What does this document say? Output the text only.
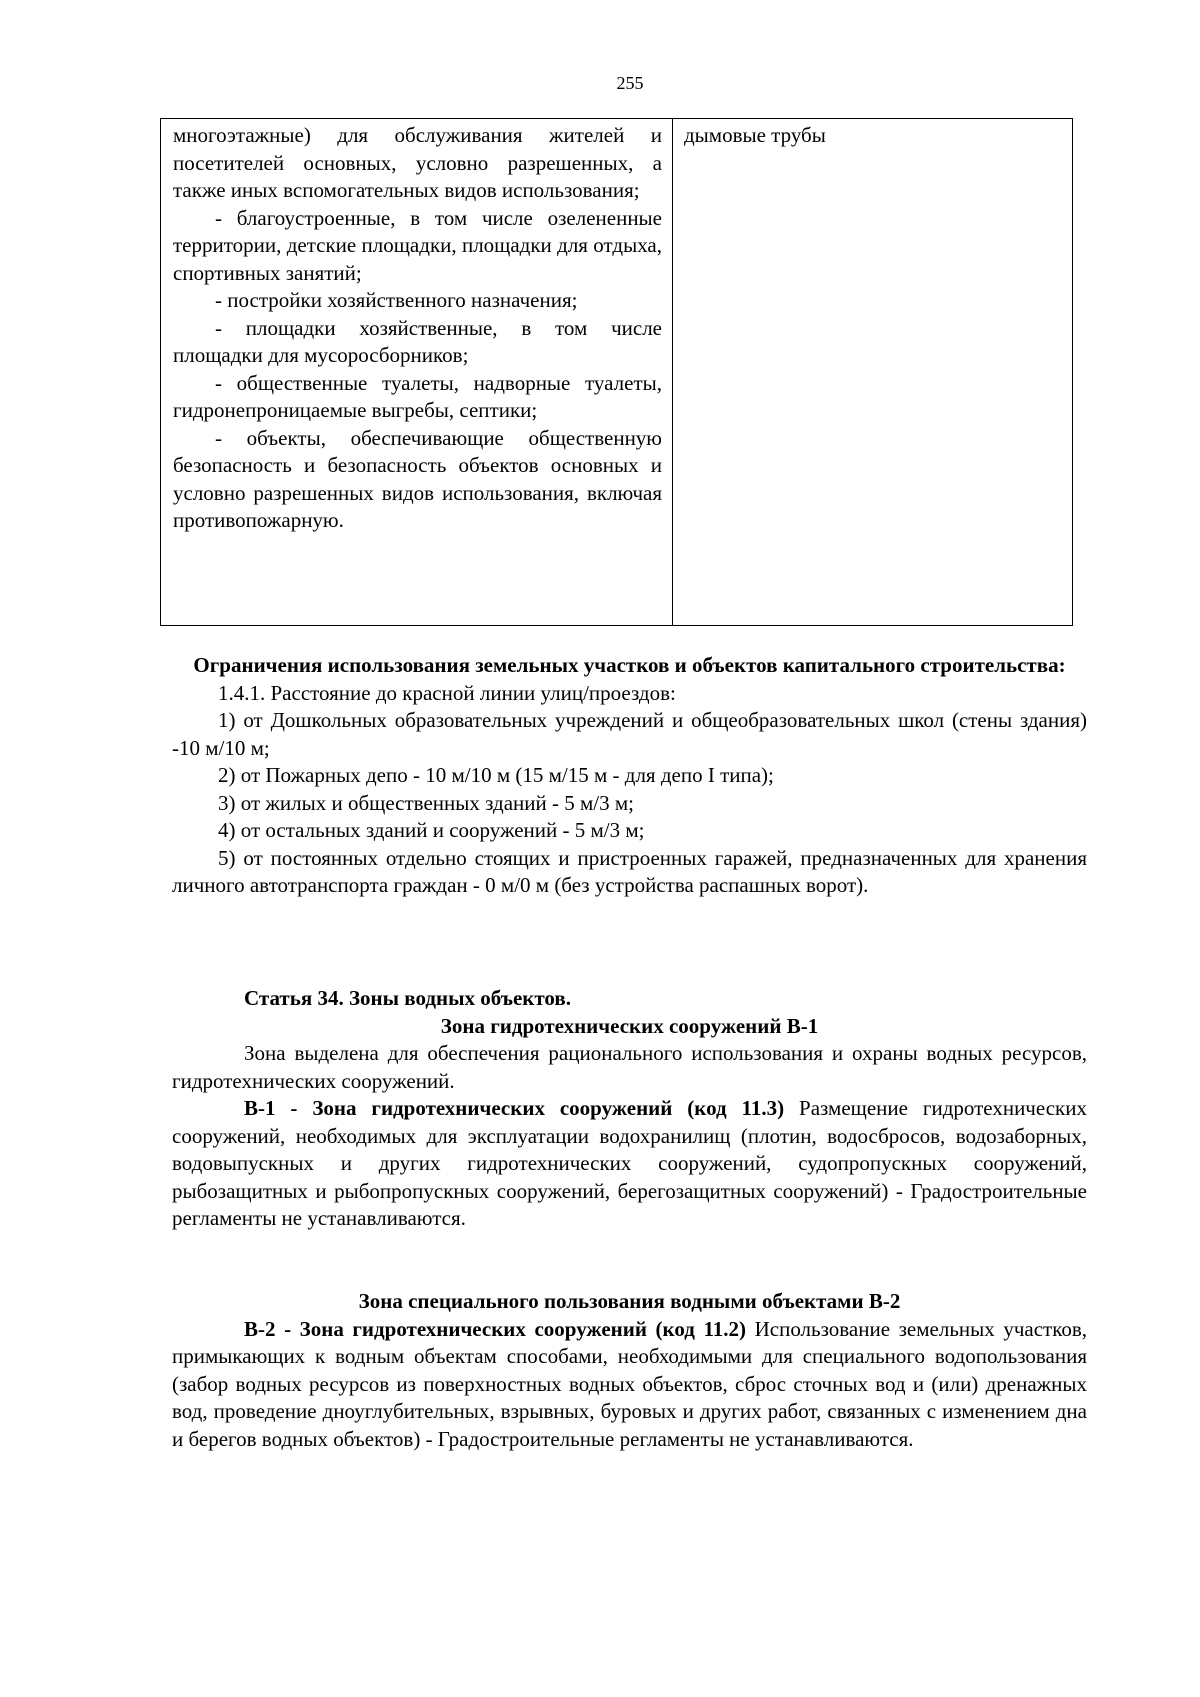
255

многоэтажные) для обслуживания жителей и посетителей основных, условно разрешенных, а также иных вспомогательных видов использования;

- благоустроенные, в том числе озелененные территории, детские площадки, площадки для отдыха, спортивных занятий;

- постройки хозяйственного назначения;

- площадки хозяйственные, в том числе площадки для мусоросборников;

- общественные туалеты, надворные туалеты, гидронепроницаемые выгребы, септики;

- объекты, обеспечивающие общественную безопасность и безопасность объектов основных и условно разрешенных видов использования, включая противопожарную.

дымовые трубы

Ограничения использования земельных участков и объектов капитального строительства:

1.4.1. Расстояние до красной линии улиц/проездов:

1) от Дошкольных образовательных учреждений и общеобразовательных школ (стены здания) -10 м/10 м;

2) от Пожарных депо - 10 м/10 м (15 м/15 м - для депо I типа);

3) от жилых и общественных зданий - 5 м/3 м;

4) от остальных зданий и сооружений - 5 м/3 м;

5) от постоянных отдельно стоящих и пристроенных гаражей, предназначенных для хранения личного автотранспорта граждан - 0 м/0 м (без устройства распашных ворот).

Статья 34. Зоны водных объектов.

Зона гидротехнических сооружений В-1

Зона выделена для обеспечения рационального использования и охраны водных ресурсов, гидротехнических сооружений.

В-1 - Зона гидротехнических сооружений (код 11.3) Размещение гидротехнических сооружений, необходимых для эксплуатации водохранилищ (плотин, водосбросов, водозаборных, водовыпускных и других гидротехнических сооружений, судопропускных сооружений, рыбозащитных и рыбопропускных сооружений, берегозащитных сооружений) - Градостроительные регламенты не устанавливаются.

Зона специального пользования водными объектами В-2

В-2 - Зона гидротехнических сооружений (код 11.2) Использование земельных участков, примыкающих к водным объектам способами, необходимыми для специального водопользования (забор водных ресурсов из поверхностных водных объектов, сброс сточных вод и (или) дренажных вод, проведение дноуглубительных, взрывных, буровых и других работ, связанных с изменением дна и берегов водных объектов) - Градостроительные регламенты не устанавливаются.
